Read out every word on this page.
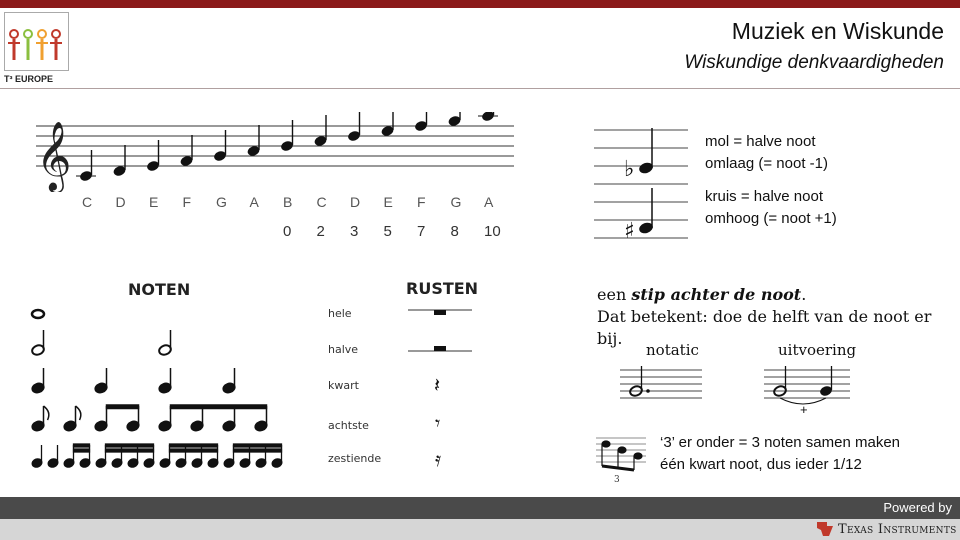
T³ EUROPE
Muziek en Wiskunde
Wiskundige denkvaardigheden
𝄞
C D E F G A B C D E F G A
0 2 3 5 7 8 10
♭
♯
mol = halve noot
omlaag (= noot -1)
kruis = halve noot
omhoog (= noot +1)
NOTEN	RUSTEN
hele
halve
kwart
achtste
zestiende
𝄽
𝄾
𝄿
een stip achter de noot.
Dat betekent: doe de helft van de noot er bij.
notatic	uitvoering
+
3
‘3’ er onder = 3 noten samen maken
één kwart noot, dus ieder 1/12
Powered by
Texas Instruments
